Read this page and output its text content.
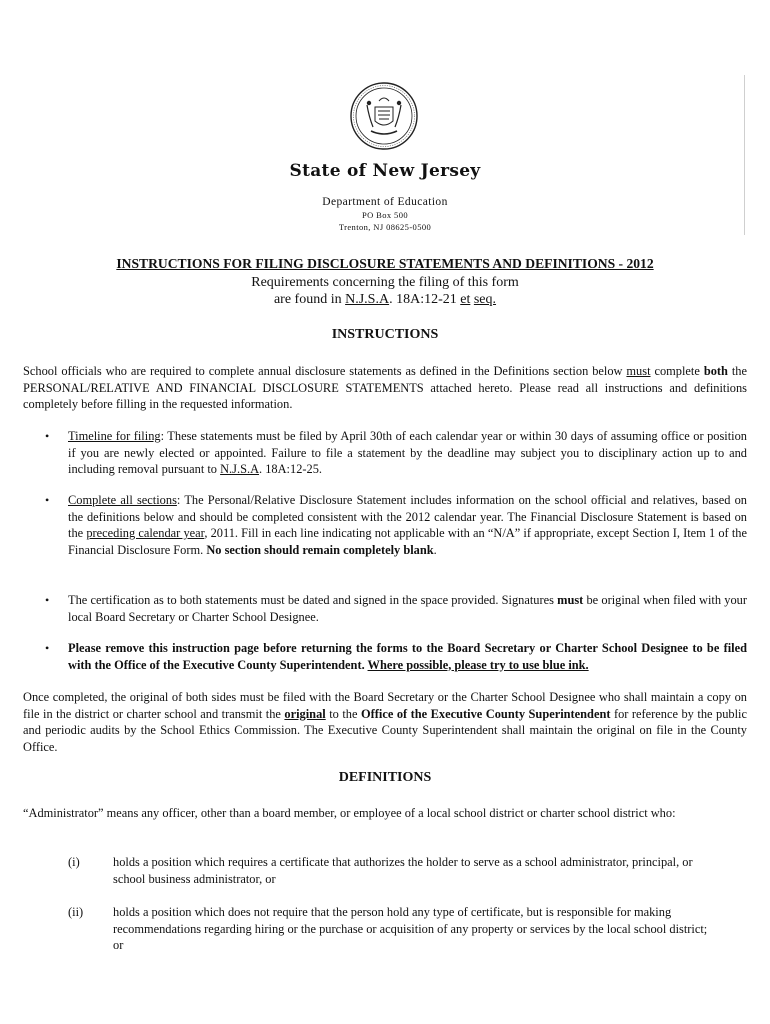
State of New Jersey
Department of Education
PO Box 500
Trenton, NJ 08625-0500
INSTRUCTIONS FOR FILING DISCLOSURE STATEMENTS AND DEFINITIONS - 2012
Requirements concerning the filing of this form
are found in N.J.S.A. 18A:12-21 et seq.
INSTRUCTIONS

School officials who are required to complete annual disclosure statements as defined in the Definitions section below must complete both the PERSONAL/RELATIVE AND FINANCIAL DISCLOSURE STATEMENTS attached hereto. Please read all instructions and definitions completely before filling in the requested information.

• Timeline for filing: These statements must be filed by April 30th of each calendar year or within 30 days of assuming office or position if you are newly elected or appointed. Failure to file a statement by the deadline may subject you to disciplinary action up to and including removal pursuant to N.J.S.A. 18A:12-25.

• Complete all sections: The Personal/Relative Disclosure Statement includes information on the school official and relatives, based on the definitions below and should be completed consistent with the 2012 calendar year. The Financial Disclosure Statement is based on the preceding calendar year, 2011. Fill in each line indicating not applicable with an “N/A” if appropriate, except Section I, Item 1 of the Financial Disclosure Form. No section should remain completely blank.

• The certification as to both statements must be dated and signed in the space provided. Signatures must be original when filed with your local Board Secretary or Charter School Designee.

• Please remove this instruction page before returning the forms to the Board Secretary or Charter School Designee to be filed with the Office of the Executive County Superintendent. Where possible, please try to use blue ink.

Once completed, the original of both sides must be filed with the Board Secretary or the Charter School Designee who shall maintain a copy on file in the district or charter school and transmit the original to the Office of the Executive County Superintendent for reference by the public and periodic audits by the School Ethics Commission. The Executive County Superintendent shall maintain the original on file in the County Office.

DEFINITIONS

“Administrator” means any officer, other than a board member, or employee of a local school district or charter school district who:

(i)	holds a position which requires a certificate that authorizes the holder to serve as a school administrator, principal, or school business administrator, or

(ii) holds a position which does not require that the person hold any type of certificate, but is responsible for making recommendations regarding hiring or the purchase or acquisition of any property or services by the local school district; or
